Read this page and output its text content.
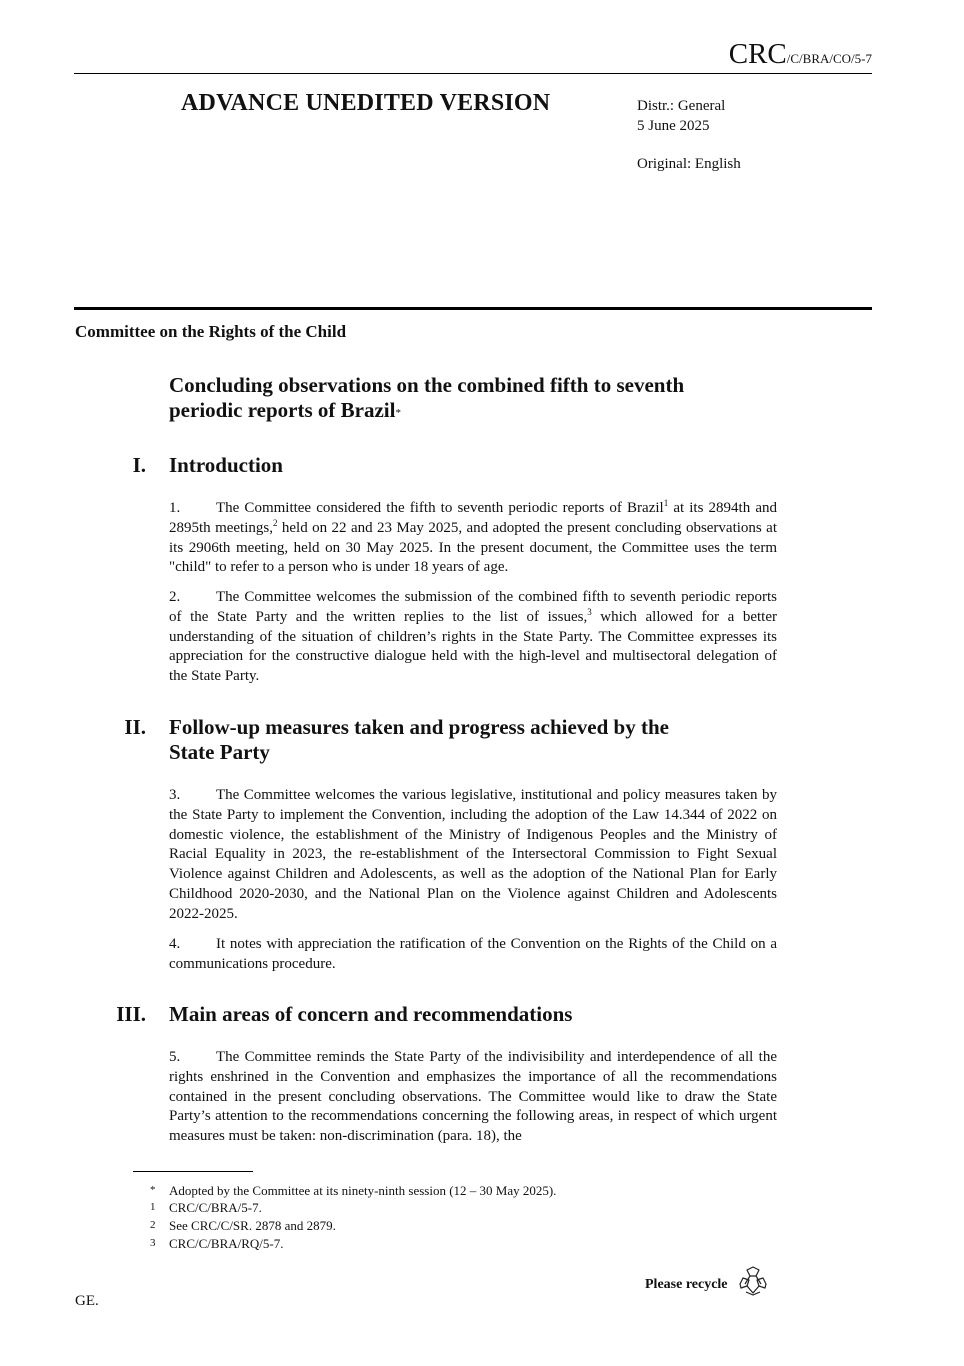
CRC/C/BRA/CO/5-7
ADVANCE UNEDITED VERSION	Distr.: General
5 June 2025
Original: English
Committee on the Rights of the Child
Concluding observations on the combined fifth to seventh
periodic reports of Brazil*
I. Introduction
1. The Committee considered the fifth to seventh periodic reports of Brazil$^1$ at its 2894th and 2895th meetings,$^2$ held on 22 and 23 May 2025, and adopted the present concluding observations at its 2906th meeting, held on 30 May 2025. In the present document, the Committee uses the term "child" to refer to a person who is under 18 years of age.
2. The Committee welcomes the submission of the combined fifth to seventh periodic reports of the State Party and the written replies to the list of issues,$^3$ which allowed for a better understanding of the situation of children’s rights in the State Party. The Committee expresses its appreciation for the constructive dialogue held with the high-level and multisectoral delegation of the State Party.
II. Follow-up measures taken and progress achieved by the
State Party
3. The Committee welcomes the various legislative, institutional and policy measures taken by the State Party to implement the Convention, including the adoption of the Law 14.344 of 2022 on domestic violence, the establishment of the Ministry of Indigenous Peoples and the Ministry of Racial Equality in 2023, the re-establishment of the Intersectoral Commission to Fight Sexual Violence against Children and Adolescents, as well as the adoption of the National Plan for Early Childhood 2020-2030, and the National Plan on the Violence against Children and Adolescents 2022-2025.
4. It notes with appreciation the ratification of the Convention on the Rights of the Child on a communications procedure.
III. Main areas of concern and recommendations
5. The Committee reminds the State Party of the indivisibility and interdependence of all the rights enshrined in the Convention and emphasizes the importance of all the recommendations contained in the present concluding observations. The Committee would like to draw the State Party’s attention to the recommendations concerning the following areas, in respect of which urgent measures must be taken: non-discrimination (para. 18), the
* Adopted by the Committee at its ninety-ninth session (12 – 30 May 2025).
1 CRC/C/BRA/5-7.
2 See CRC/C/SR. 2878 and 2879.
3 CRC/C/BRA/RQ/5-7.
GE.
Please recycle
